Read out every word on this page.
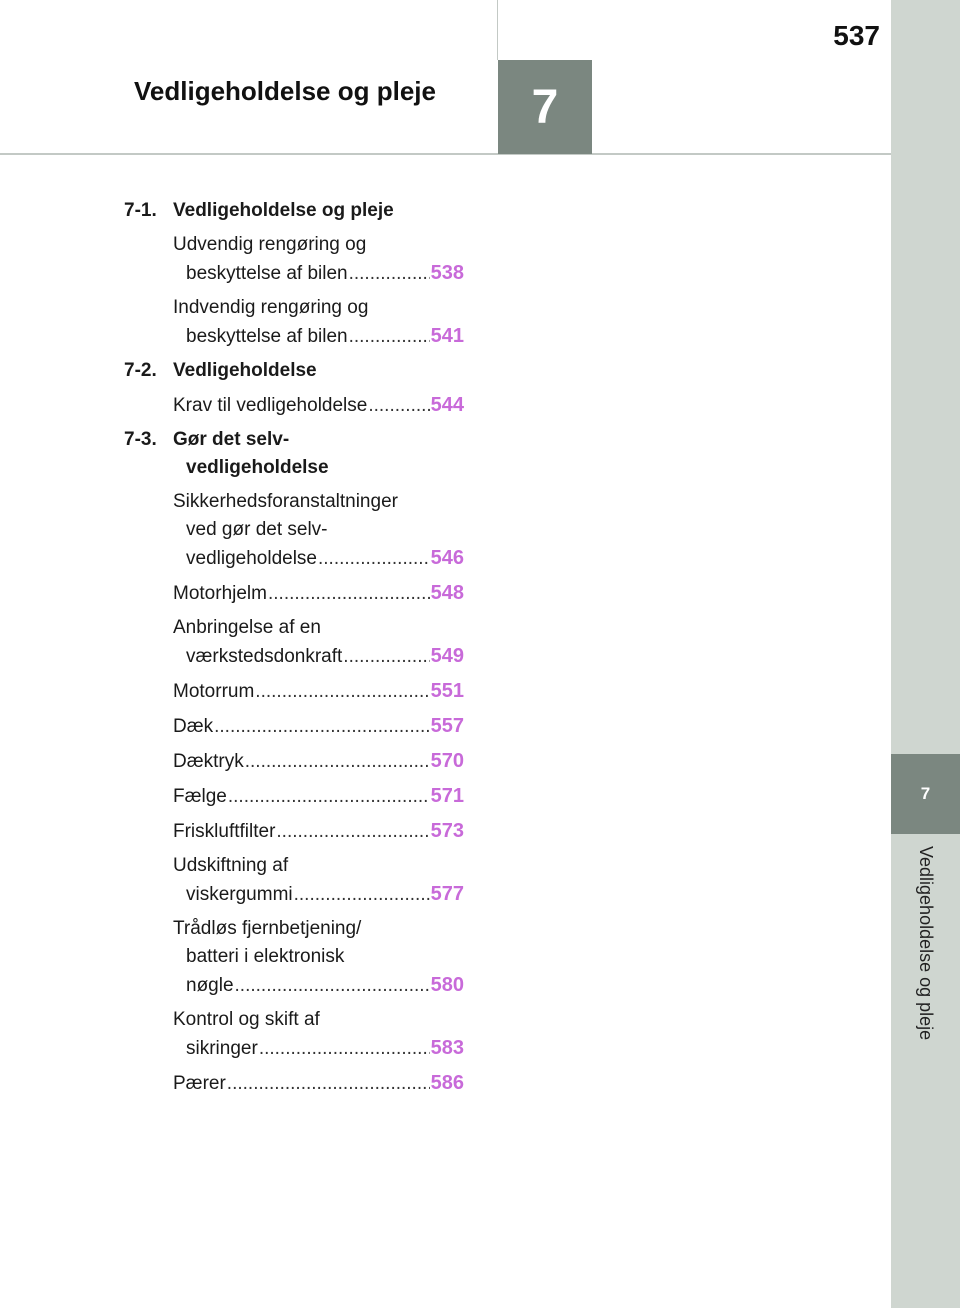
7
Vedligeholdelse og pleje
537
7
Vedligeholdelse og pleje
7-1. Vedligeholdelse og pleje
Udvendig rengøring og
beskyttelse af bilen .....	538
Indvendig rengøring og
beskyttelse af bilen .....	541
7-2. Vedligeholdelse
Krav til vedligeholdelse .....	544
7-3. Gør det selv-
vedligeholdelse
Sikkerhedsforanstaltninger
ved gør det selv-
vedligeholdelse .....	546
Motorhjelm .....	548
Anbringelse af en
værkstedsdonkraft .....	549
Motorrum .....	551
Dæk .....	557
Dæktryk .....	570
Fælge .....	571
Friskluftfilter .....	573
Udskiftning af
viskergummi .....	577
Trådløs fjernbetjening/
batteri i elektronisk
nøgle .....	580
Kontrol og skift af
sikringer .....	583
Pærer .....	586
